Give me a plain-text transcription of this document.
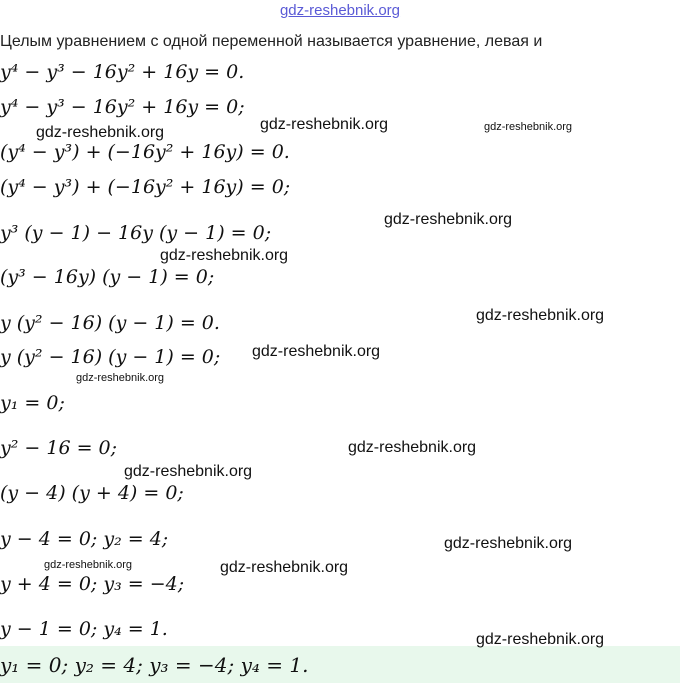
gdz-reshebnik.org
Целым уравнением с одной переменной называется уравнение, левая и
y⁴ − y³ − 16y² + 16y = 0.
y⁴ − y³ − 16y² + 16y = 0;
(y⁴ − y³) + (−16y² + 16y) = 0.
(y⁴ − y³) + (−16y² + 16y) = 0;
y³ (y − 1) − 16y (y − 1) = 0;
(y³ − 16y) (y − 1) = 0;
y (y² − 16) (y − 1) = 0.
y (y² − 16) (y − 1) = 0;
y₁ = 0;
y² − 16 = 0;
(y − 4) (y + 4) = 0;
y − 4 = 0; y₂ = 4;
y + 4 = 0; y₃ = −4;
y − 1 = 0; y₄ = 1.
y₁ = 0; y₂ = 4; y₃ = −4; y₄ = 1.
gdz-reshebnik.org	gdz-reshebnik.org	gdz-reshebnik.org
gdz-reshebnik.org
gdz-reshebnik.org
gdz-reshebnik.org
gdz-reshebnik.org
gdz-reshebnik.org
gdz-reshebnik.org
gdz-reshebnik.org
gdz-reshebnik.org
gdz-reshebnik.org	gdz-reshebnik.org
gdz-reshebnik.org
